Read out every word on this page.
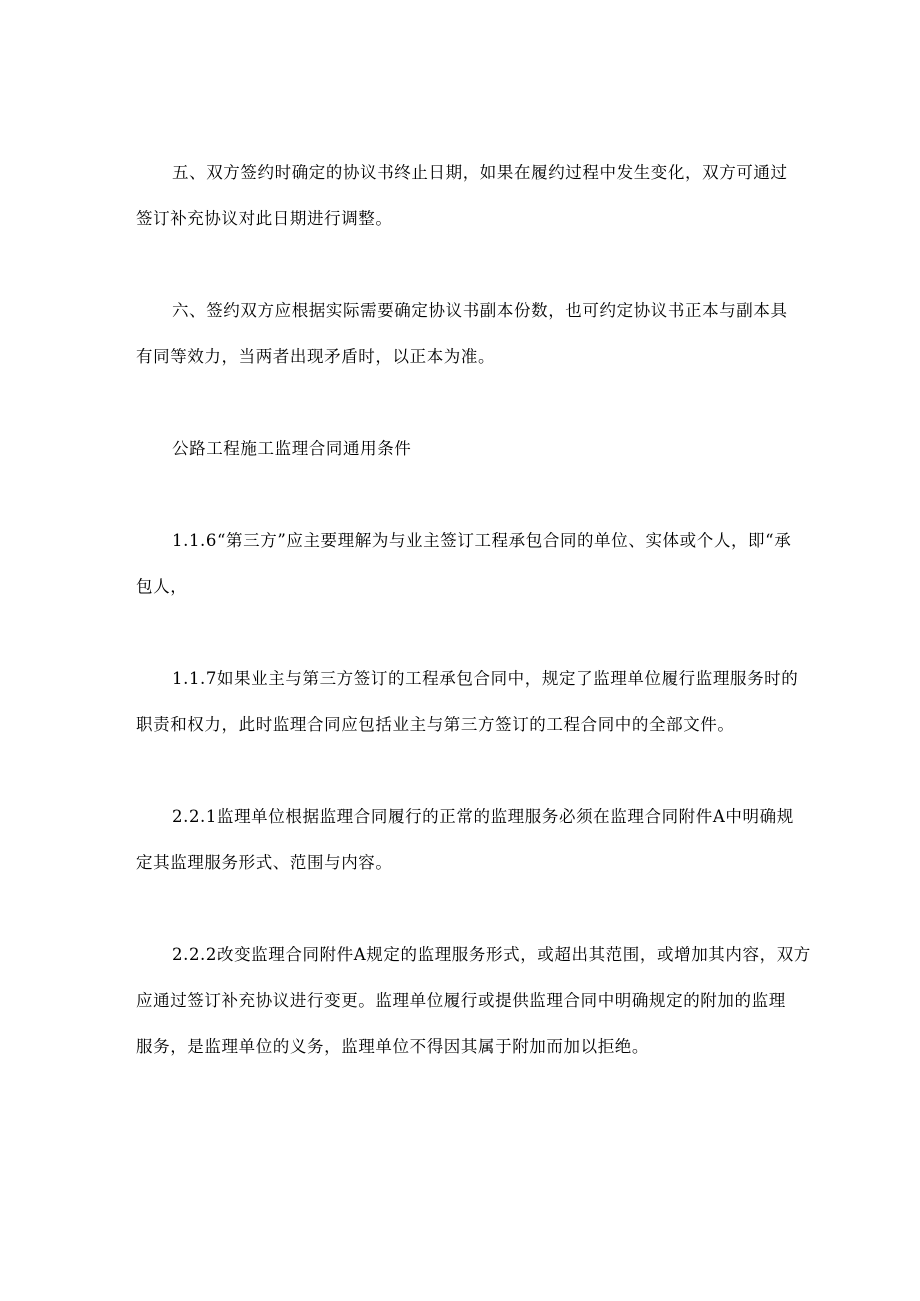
五、双方签约时确定的协议书终止日期，如果在履约过程中发生变化，双方可通过
签订补充协议对此日期进行调整。
六、签约双方应根据实际需要确定协议书副本份数，也可约定协议书正本与副本具
有同等效力，当两者出现矛盾时，以正本为准。
公路工程施工监理合同通用条件
1.1.6“第三方”应主要理解为与业主签订工程承包合同的单位、实体或个人，即“承
包人，
1.1.7如果业主与第三方签订的工程承包合同中，规定了监理单位履行监理服务时的
职责和权力，此时监理合同应包括业主与第三方签订的工程合同中的全部文件。
2.2.1监理单位根据监理合同履行的正常的监理服务必须在监理合同附件A中明确规
定其监理服务形式、范围与内容。
2.2.2改变监理合同附件A规定的监理服务形式，或超出其范围，或增加其内容，双方
应通过签订补充协议进行变更。监理单位履行或提供监理合同中明确规定的附加的监理
服务，是监理单位的义务，监理单位不得因其属于附加而加以拒绝。
